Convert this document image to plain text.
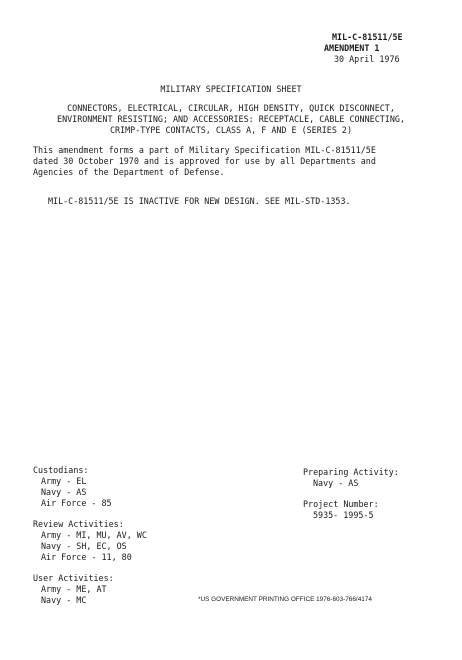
MIL-C-81511/5E
AMENDMENT 1
30 April 1976
MILITARY SPECIFICATION SHEET
CONNECTORS, ELECTRICAL, CIRCULAR, HIGH DENSITY, QUICK DISCONNECT,
ENVIRONMENT RESISTING; AND ACCESSORIES: RECEPTACLE, CABLE CONNECTING,
CRIMP-TYPE CONTACTS, CLASS A, F AND E (SERIES 2)
This amendment forms a part of Military Specification MIL-C-81511/5E
dated 30 October 1970 and is approved for use by all Departments and
Agencies of the Department of Defense.
MIL-C-81511/5E IS INACTIVE FOR NEW DESIGN. SEE MIL-STD-1353.
Custodians:
Army - EL
Navy - AS
Air Force - 85
Review Activities:
Army - MI, MU, AV, WC
Navy - SH, EC, OS
Air Force - 11, 80
User Activities:
Army - ME, AT
Navy - MC
Preparing Activity:
Navy - AS
Project Number:
5935- 1995-5
*US GOVERNMENT PRINTING OFFICE 1976-603-766/4174
